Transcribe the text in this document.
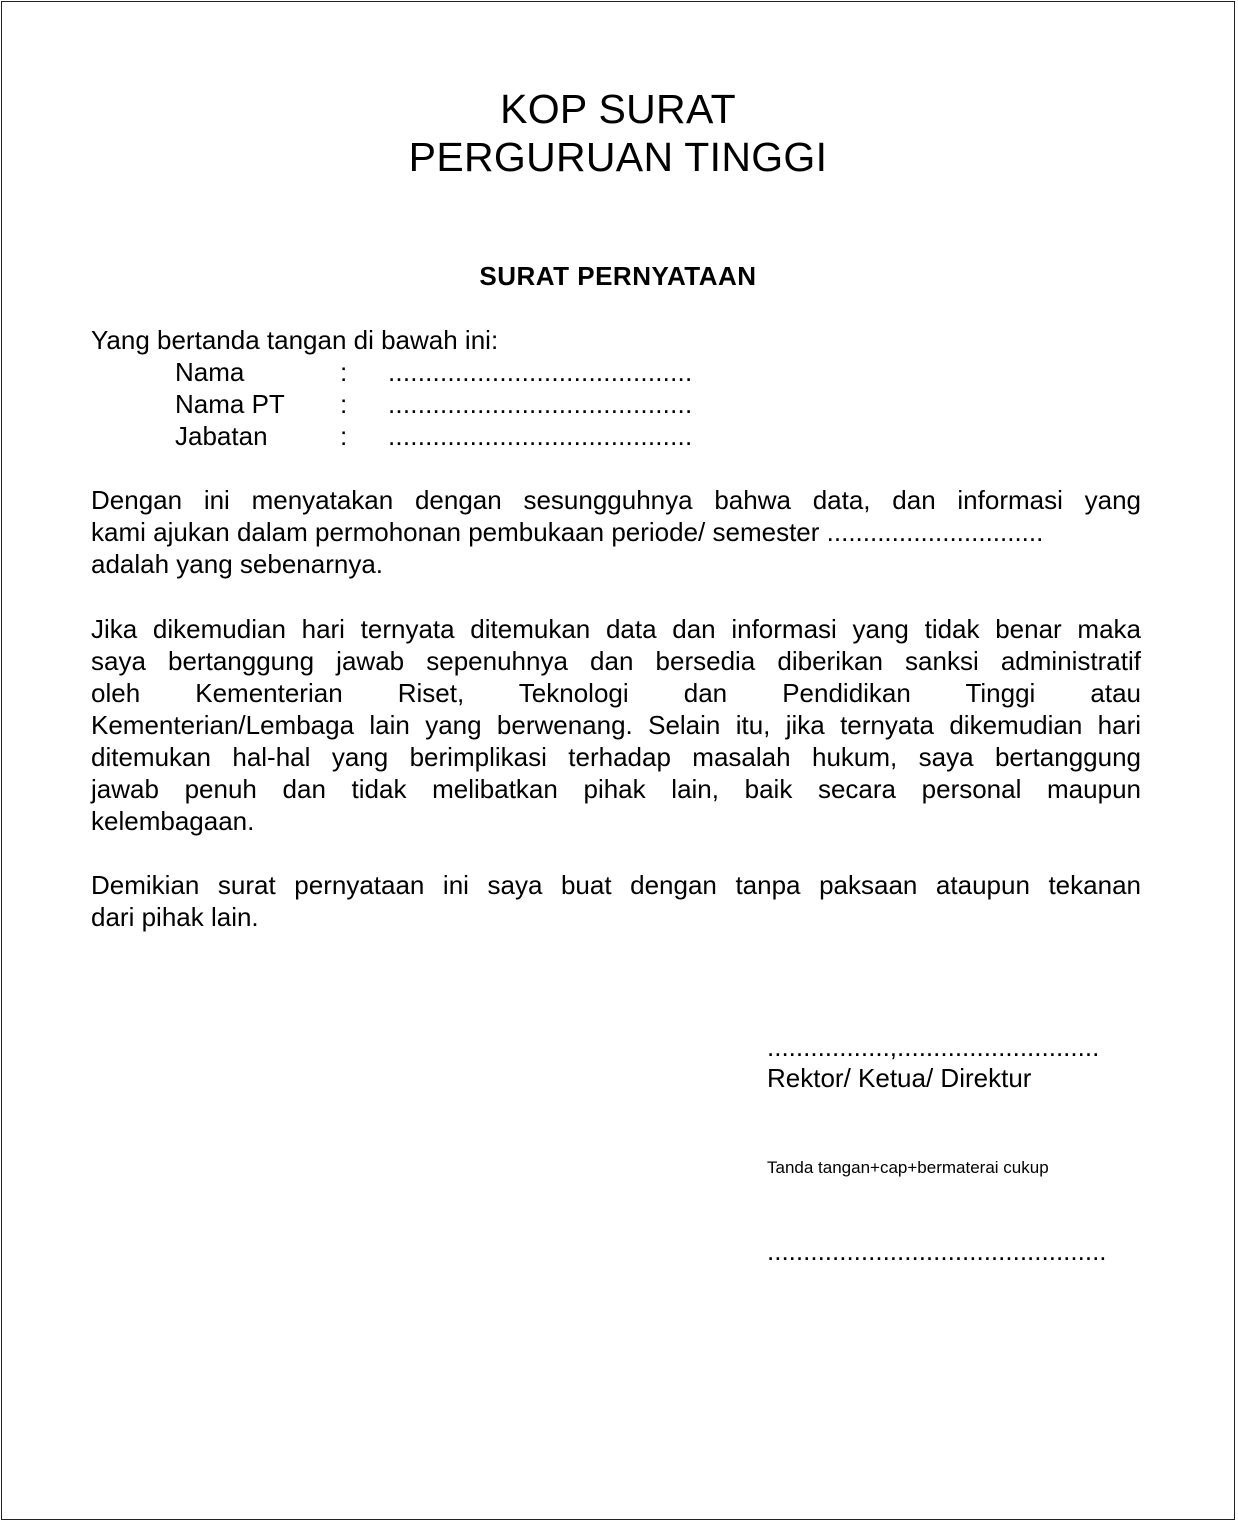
KOP SURAT
PERGURUAN TINGGI
SURAT PERNYATAAN
Yang bertanda tangan di bawah ini:
Nama	: .........................................
Nama PT : .........................................
Jabatan	: .........................................
Dengan ini menyatakan dengan sesungguhnya bahwa data, dan informasi yang
kami ajukan dalam permohonan pembukaan periode/ semester ..............................
adalah yang sebenarnya.
Jika dikemudian hari ternyata ditemukan data dan informasi yang tidak benar maka
saya bertanggung jawab sepenuhnya dan bersedia diberikan sanksi administratif
oleh Kementerian Riset, Teknologi dan Pendidikan Tinggi atau
Kementerian/Lembaga lain yang berwenang. Selain itu, jika ternyata dikemudian hari
ditemukan hal-hal yang berimplikasi terhadap masalah hukum, saya bertanggung
jawab penuh dan tidak melibatkan pihak lain, baik secara personal maupun
kelembagaan.
Demikian surat pernyataan ini saya buat dengan tanpa paksaan ataupun tekanan
dari pihak lain.
.................,............................
Rektor/ Ketua/ Direktur
Tanda tangan+cap+bermaterai cukup
...............................................
